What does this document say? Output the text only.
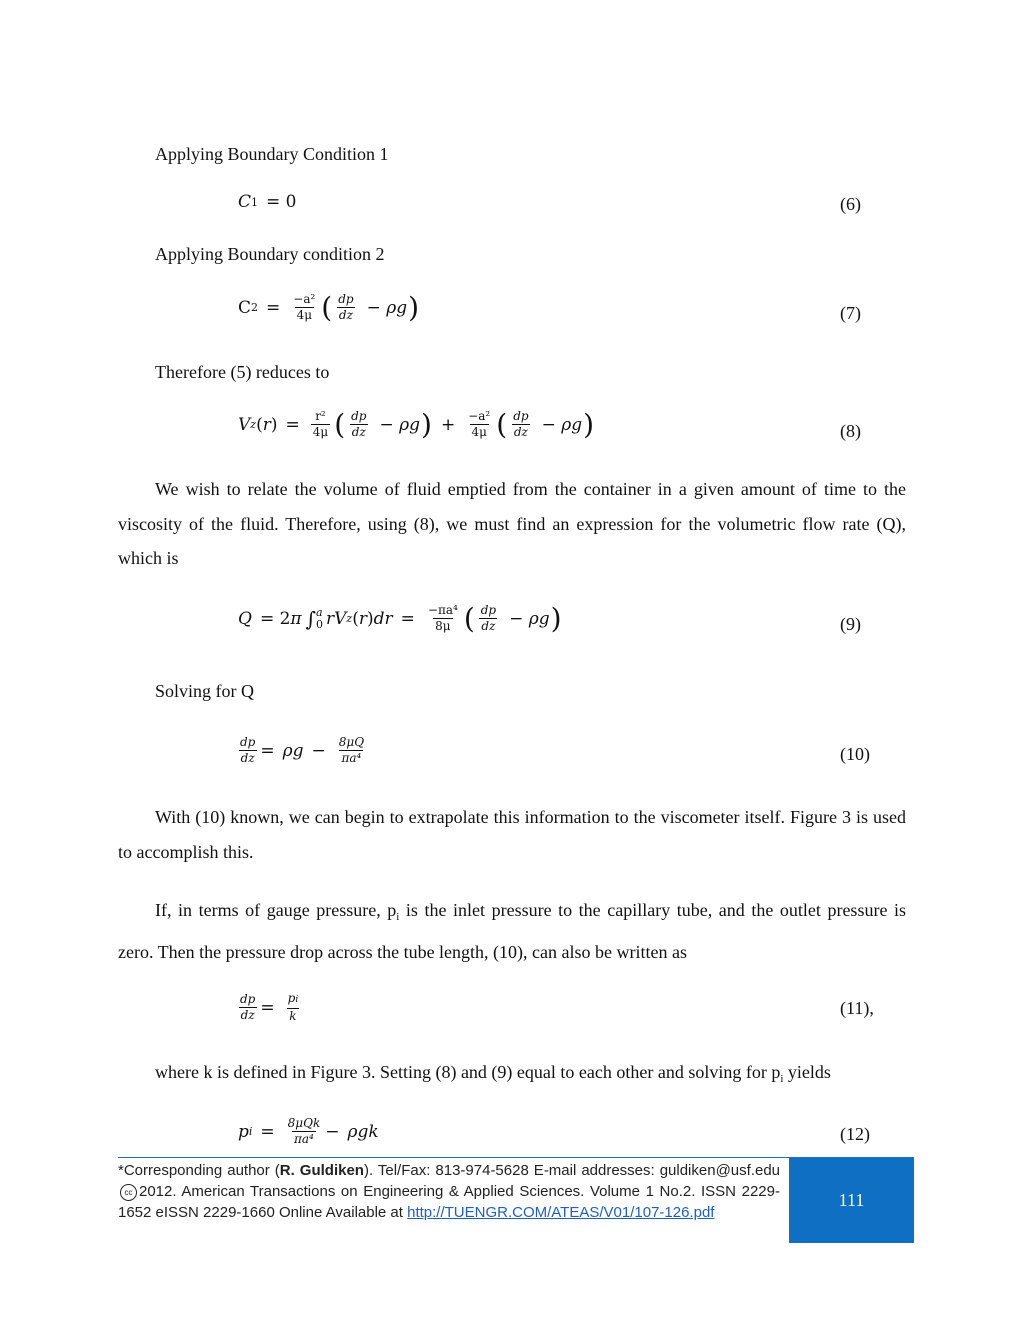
Applying Boundary Condition 1
C 1 = 0	(6)
Applying Boundary condition 2
C $2 = \frac{\text{−a²}}{4\mu}$ ( $\frac{dp}{dz} - \rho g$ )	(7)
Therefore (5) reduces to
V z ( r ) = $\frac{\text{r²}}{4\mu}$ ( $\frac{dp}{dz} - \rho g$ ) + $\frac{\text{−a²}}{4\mu}$ ( $\frac{dp}{dz} - \rho g$ )	(8)
We wish to relate the volume of fluid emptied from the container in a given amount of time to the viscosity of the fluid. Therefore, using (8), we must find an expression for the volumetric flow rate (Q), which is
Q = 2 π ∫ a
0 rV z ( r ) dr = $\frac{\text{−πa⁴}}{8\mu}$ ( $\frac{dp}{dz} - \rho g$ )	(9)
Solving for Q
$\frac{dp}{dz} = \rho g - \frac{8\mu Q}{\text{πa⁴}}$	(10)
With (10) known, we can begin to extrapolate this information to the viscometer itself. Figure 3 is used to accomplish this.
If, in terms of gauge pressure, $p_i$ is the inlet pressure to the capillary tube, and the outlet pressure is zero. Then the pressure drop across the tube length, (10), can also be written as
$\frac{dp}{dz} = \frac{pi}{k}$	(11),
where k is defined in Figure 3. Setting (8) and (9) equal to each other and solving for $p_i$ yields
p $i = \frac{\text{8μQk}}{\text{πa⁴}} - \rho gk$	(12)
*Corresponding author (R. Guldiken). Tel/Fax: 813-974-5628 E-mail addresses: guldiken@usf.edu cc 2012. American Transactions on Engineering & Applied Sciences. Volume 1 No.2. ISSN 2229-1652 eISSN 2229-1660 Online Available at http://TUENGR.COM/ATEAS/V01/107-126.pdf
111
